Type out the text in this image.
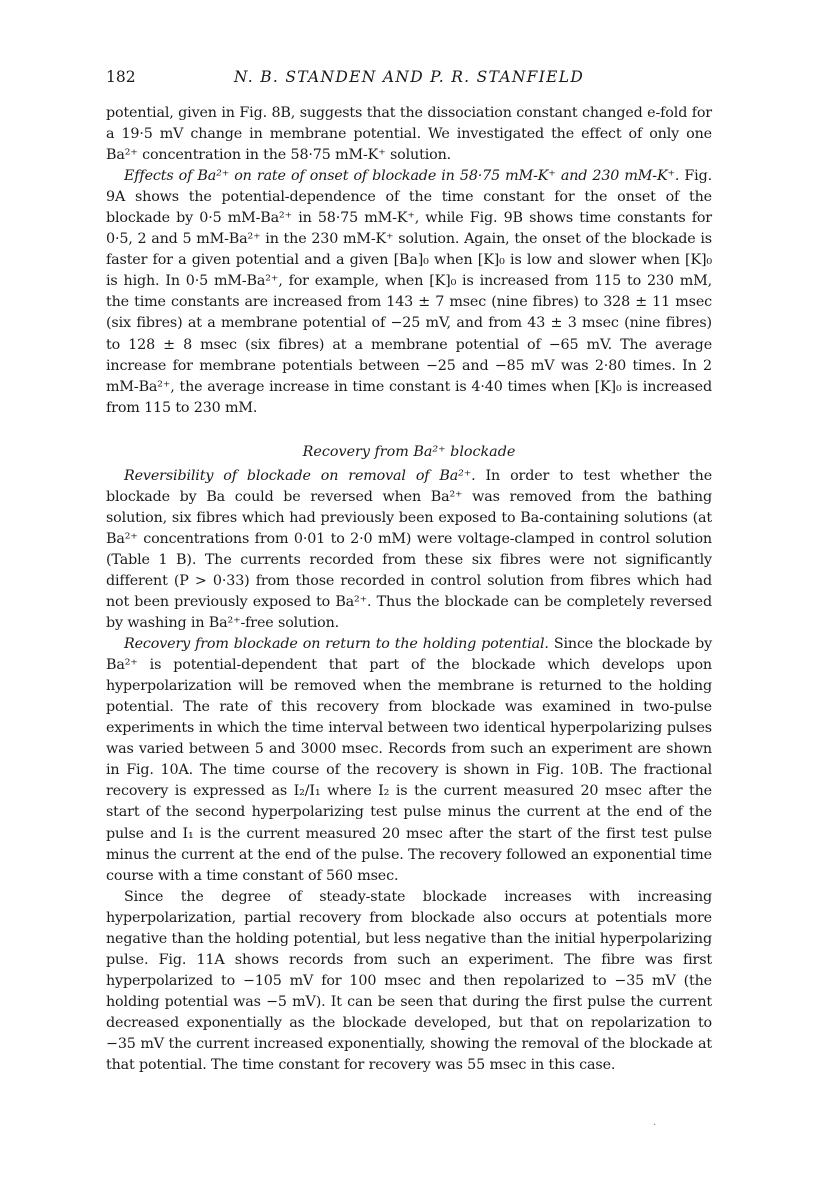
182	N. B. STANDEN AND P. R. STANFIELD

potential, given in Fig. 8B, suggests that the dissociation constant changed e-fold for a 19·5 mV change in membrane potential. We investigated the effect of only one Ba²⁺ concentration in the 58·75 mM-K⁺ solution.

Effects of Ba²⁺ on rate of onset of blockade in 58·75 mM-K⁺ and 230 mM-K⁺. Fig. 9A shows the potential-dependence of the time constant for the onset of the blockade by 0·5 mM-Ba²⁺ in 58·75 mM-K⁺, while Fig. 9B shows time constants for 0·5, 2 and 5 mM-Ba²⁺ in the 230 mM-K⁺ solution. Again, the onset of the blockade is faster for a given potential and a given [Ba]₀ when [K]₀ is low and slower when [K]₀ is high. In 0·5 mM-Ba²⁺, for example, when [K]₀ is increased from 115 to 230 mM, the time constants are increased from 143 ± 7 msec (nine fibres) to 328 ± 11 msec (six fibres) at a membrane potential of −25 mV, and from 43 ± 3 msec (nine fibres) to 128 ± 8 msec (six fibres) at a membrane potential of −65 mV. The average increase for membrane potentials between −25 and −85 mV was 2·80 times. In 2 mM-Ba²⁺, the average increase in time constant is 4·40 times when [K]₀ is increased from 115 to 230 mM.

Recovery from Ba²⁺ blockade

Reversibility of blockade on removal of Ba²⁺. In order to test whether the blockade by Ba could be reversed when Ba²⁺ was removed from the bathing solution, six fibres which had previously been exposed to Ba-containing solutions (at Ba²⁺ concentrations from 0·01 to 2·0 mM) were voltage-clamped in control solution (Table 1 B). The currents recorded from these six fibres were not significantly different (P > 0·33) from those recorded in control solution from fibres which had not been previously exposed to Ba²⁺. Thus the blockade can be completely reversed by washing in Ba²⁺-free solution.

Recovery from blockade on return to the holding potential. Since the blockade by Ba²⁺ is potential-dependent that part of the blockade which develops upon hyperpolarization will be removed when the membrane is returned to the holding potential. The rate of this recovery from blockade was examined in two-pulse experiments in which the time interval between two identical hyperpolarizing pulses was varied between 5 and 3000 msec. Records from such an experiment are shown in Fig. 10A. The time course of the recovery is shown in Fig. 10B. The fractional recovery is expressed as I₂/I₁ where I₂ is the current measured 20 msec after the start of the second hyperpolarizing test pulse minus the current at the end of the pulse and I₁ is the current measured 20 msec after the start of the first test pulse minus the current at the end of the pulse. The recovery followed an exponential time course with a time constant of 560 msec.

Since the degree of steady-state blockade increases with increasing hyperpolarization, partial recovery from blockade also occurs at potentials more negative than the holding potential, but less negative than the initial hyperpolarizing pulse. Fig. 11A shows records from such an experiment. The fibre was first hyperpolarized to −105 mV for 100 msec and then repolarized to −35 mV (the holding potential was −5 mV). It can be seen that during the first pulse the current decreased exponentially as the blockade developed, but that on repolarization to −35 mV the current increased exponentially, showing the removal of the blockade at that potential. The time constant for recovery was 55 msec in this case.

·
